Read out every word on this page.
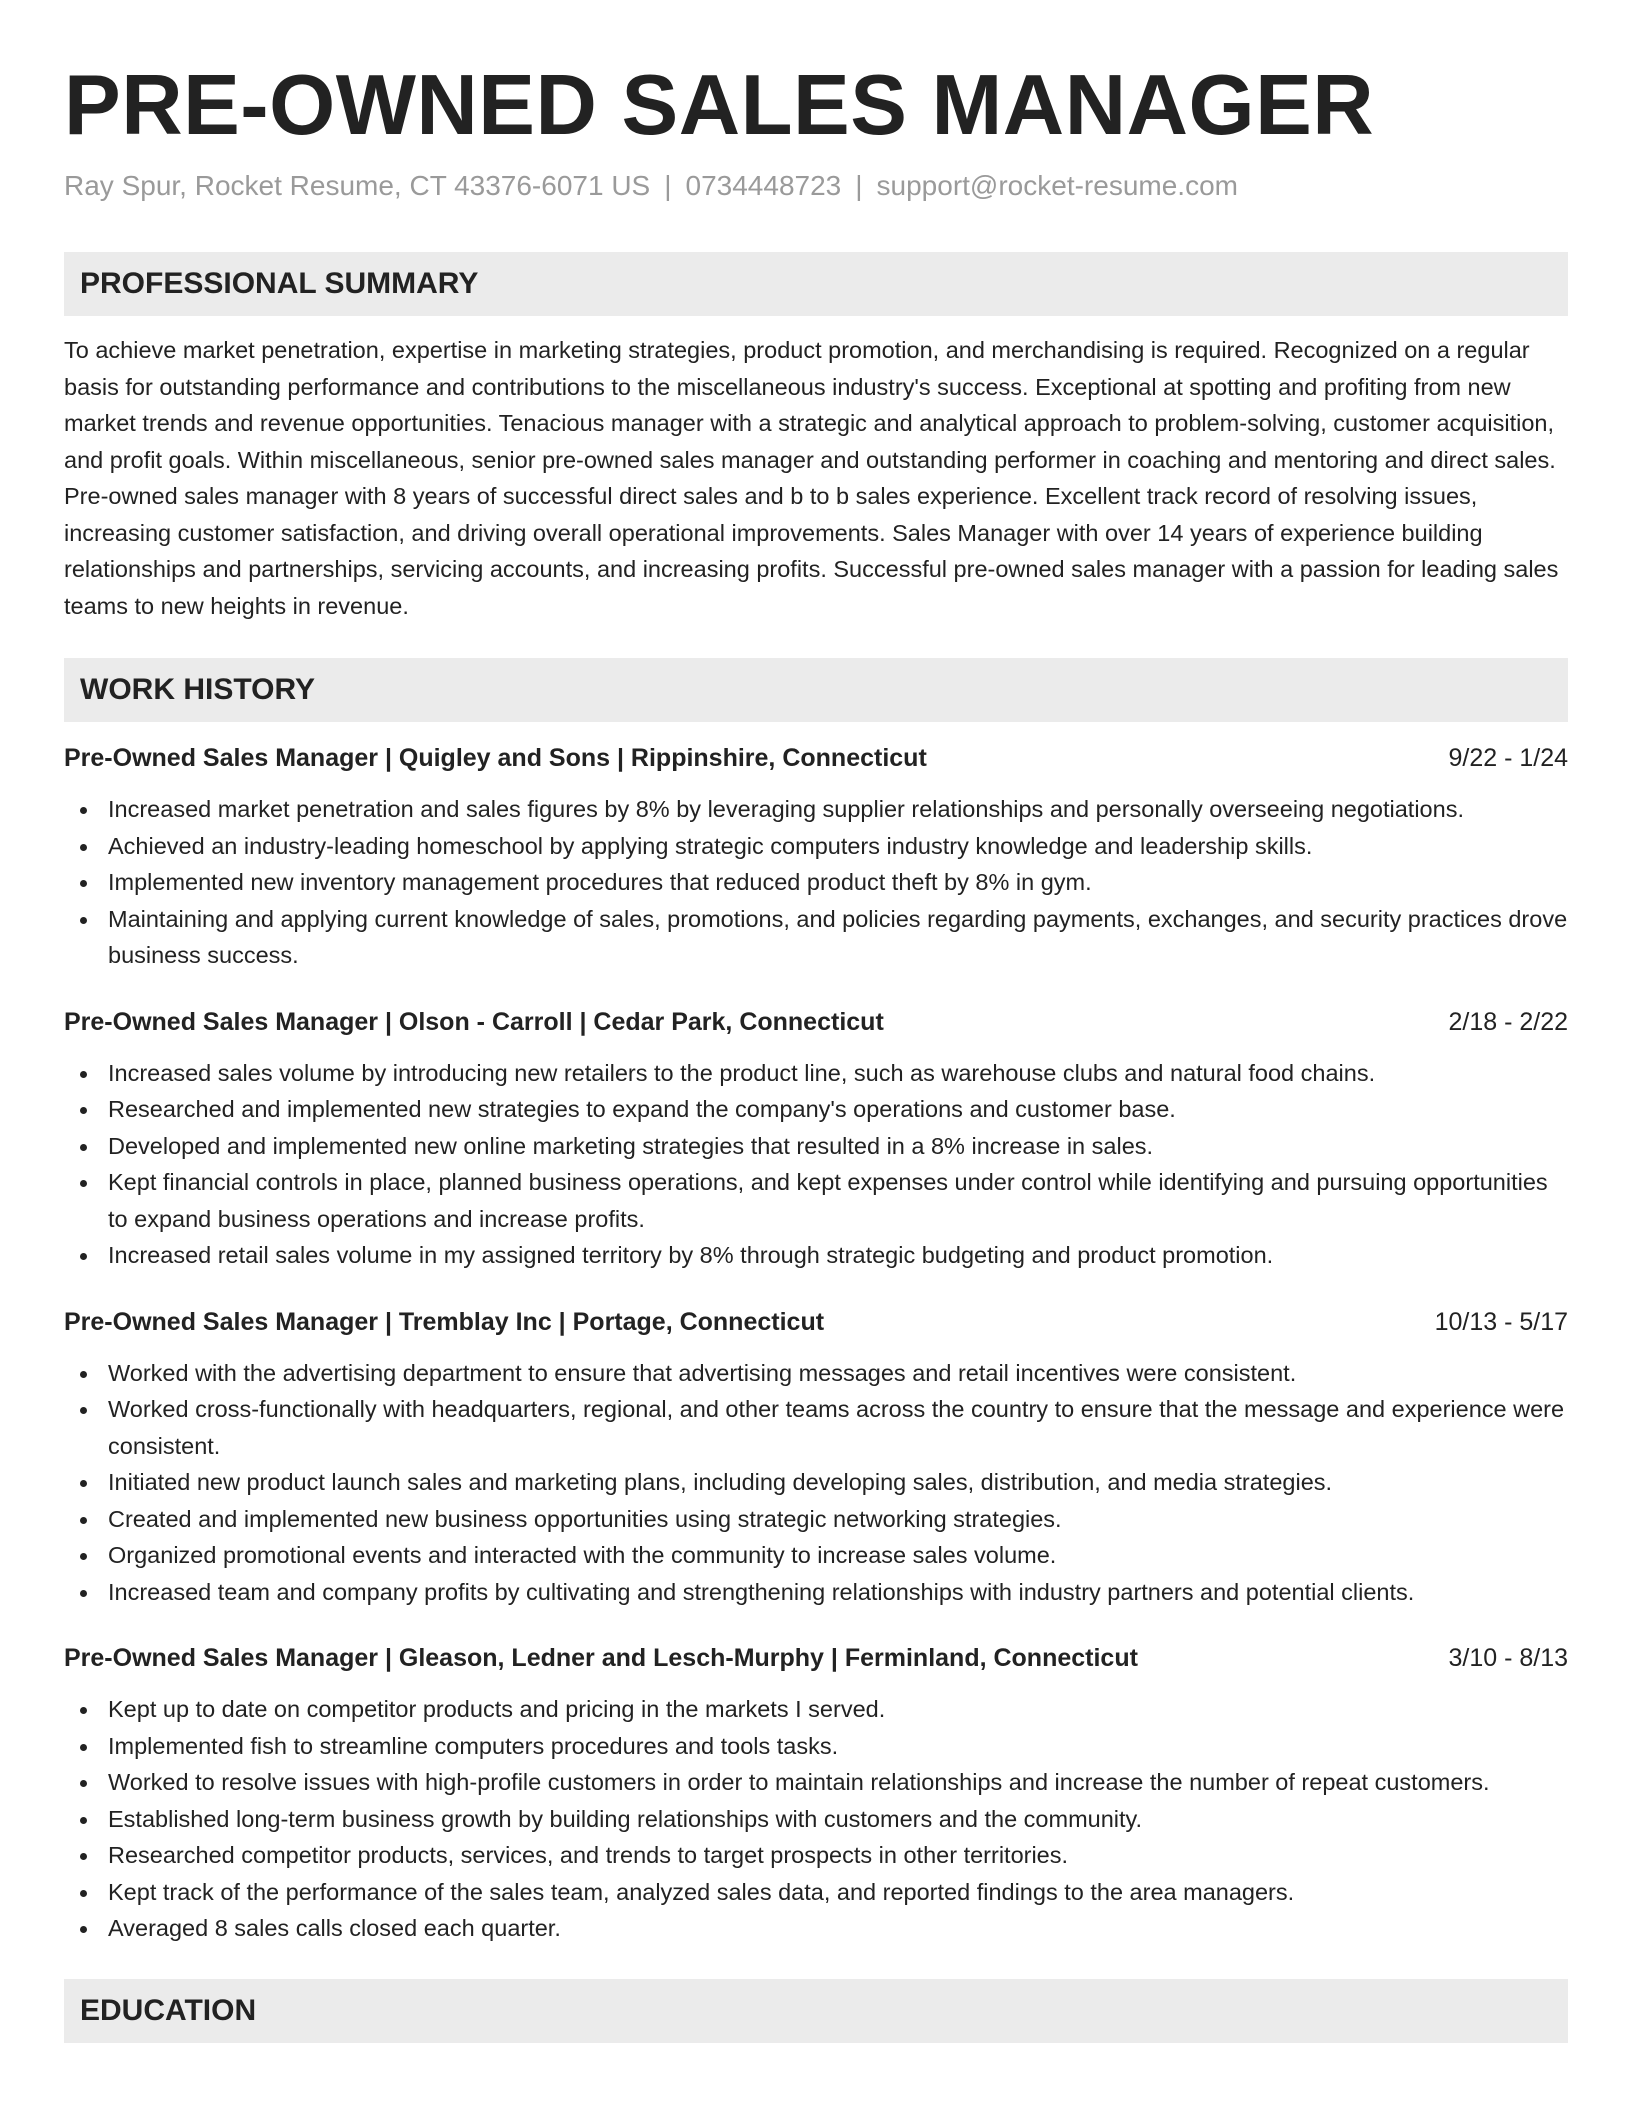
PRE-OWNED SALES MANAGER
Ray Spur, Rocket Resume, CT 43376-6071 US | 0734448723 | support@rocket-resume.com
PROFESSIONAL SUMMARY
To achieve market penetration, expertise in marketing strategies, product promotion, and merchandising is required. Recognized on a regular basis for outstanding performance and contributions to the miscellaneous industry's success. Exceptional at spotting and profiting from new market trends and revenue opportunities. Tenacious manager with a strategic and analytical approach to problem-solving, customer acquisition, and profit goals. Within miscellaneous, senior pre-owned sales manager and outstanding performer in coaching and mentoring and direct sales. Pre-owned sales manager with 8 years of successful direct sales and b to b sales experience. Excellent track record of resolving issues, increasing customer satisfaction, and driving overall operational improvements. Sales Manager with over 14 years of experience building relationships and partnerships, servicing accounts, and increasing profits. Successful pre-owned sales manager with a passion for leading sales teams to new heights in revenue.
WORK HISTORY
Pre-Owned Sales Manager | Quigley and Sons | Rippinshire, Connecticut	9/22 - 1/24
Increased market penetration and sales figures by 8% by leveraging supplier relationships and personally overseeing negotiations.
Achieved an industry-leading homeschool by applying strategic computers industry knowledge and leadership skills.
Implemented new inventory management procedures that reduced product theft by 8% in gym.
Maintaining and applying current knowledge of sales, promotions, and policies regarding payments, exchanges, and security practices drove business success.
Pre-Owned Sales Manager | Olson - Carroll | Cedar Park, Connecticut	2/18 - 2/22
Increased sales volume by introducing new retailers to the product line, such as warehouse clubs and natural food chains.
Researched and implemented new strategies to expand the company's operations and customer base.
Developed and implemented new online marketing strategies that resulted in a 8% increase in sales.
Kept financial controls in place, planned business operations, and kept expenses under control while identifying and pursuing opportunities to expand business operations and increase profits.
Increased retail sales volume in my assigned territory by 8% through strategic budgeting and product promotion.
Pre-Owned Sales Manager | Tremblay Inc | Portage, Connecticut	10/13 - 5/17
Worked with the advertising department to ensure that advertising messages and retail incentives were consistent.
Worked cross-functionally with headquarters, regional, and other teams across the country to ensure that the message and experience were consistent.
Initiated new product launch sales and marketing plans, including developing sales, distribution, and media strategies.
Created and implemented new business opportunities using strategic networking strategies.
Organized promotional events and interacted with the community to increase sales volume.
Increased team and company profits by cultivating and strengthening relationships with industry partners and potential clients.
Pre-Owned Sales Manager | Gleason, Ledner and Lesch-Murphy | Ferminland, Connecticut	3/10 - 8/13
Kept up to date on competitor products and pricing in the markets I served.
Implemented fish to streamline computers procedures and tools tasks.
Worked to resolve issues with high-profile customers in order to maintain relationships and increase the number of repeat customers.
Established long-term business growth by building relationships with customers and the community.
Researched competitor products, services, and trends to target prospects in other territories.
Kept track of the performance of the sales team, analyzed sales data, and reported findings to the area managers.
Averaged 8 sales calls closed each quarter.
EDUCATION
